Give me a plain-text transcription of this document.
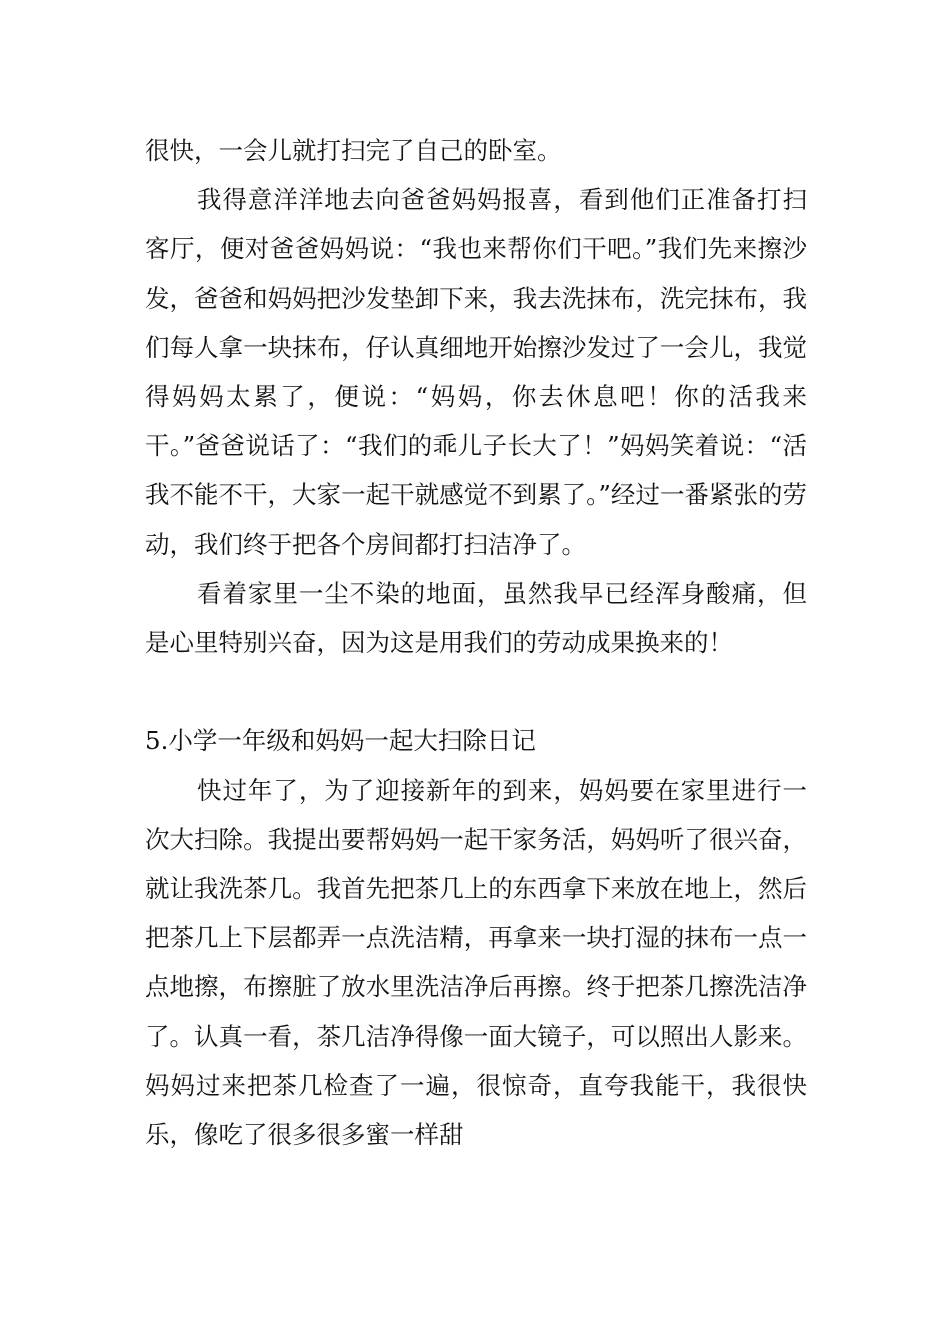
很快，一会儿就打扫完了自己的卧室。

我得意洋洋地去向爸爸妈妈报喜，看到他们正准备打扫客厅，便对爸爸妈妈说：“我也来帮你们干吧。”我们先来擦沙发，爸爸和妈妈把沙发垫卸下来，我去洗抹布，洗完抹布，我们每人拿一块抹布，仔认真细地开始擦沙发过了一会儿，我觉得妈妈太累了，便说：“妈妈，你去休息吧！你的活我来干。”爸爸说话了：“我们的乖儿子长大了！”妈妈笑着说：“活我不能不干，大家一起干就感觉不到累了。”经过一番紧张的劳动，我们终于把各个房间都打扫洁净了。

看着家里一尘不染的地面，虽然我早已经浑身酸痛，但是心里特别兴奋，因为这是用我们的劳动成果换来的！

5.小学一年级和妈妈一起大扫除日记

快过年了，为了迎接新年的到来，妈妈要在家里进行一次大扫除。我提出要帮妈妈一起干家务活，妈妈听了很兴奋，就让我洗茶几。我首先把茶几上的东西拿下来放在地上，然后把茶几上下层都弄一点洗洁精，再拿来一块打湿的抹布一点一点地擦，布擦脏了放水里洗洁净后再擦。终于把茶几擦洗洁净了。认真一看，茶几洁净得像一面大镜子，可以照出人影来。妈妈过来把茶几检查了一遍，很惊奇，直夸我能干，我很快乐，像吃了很多很多蜜一样甜
